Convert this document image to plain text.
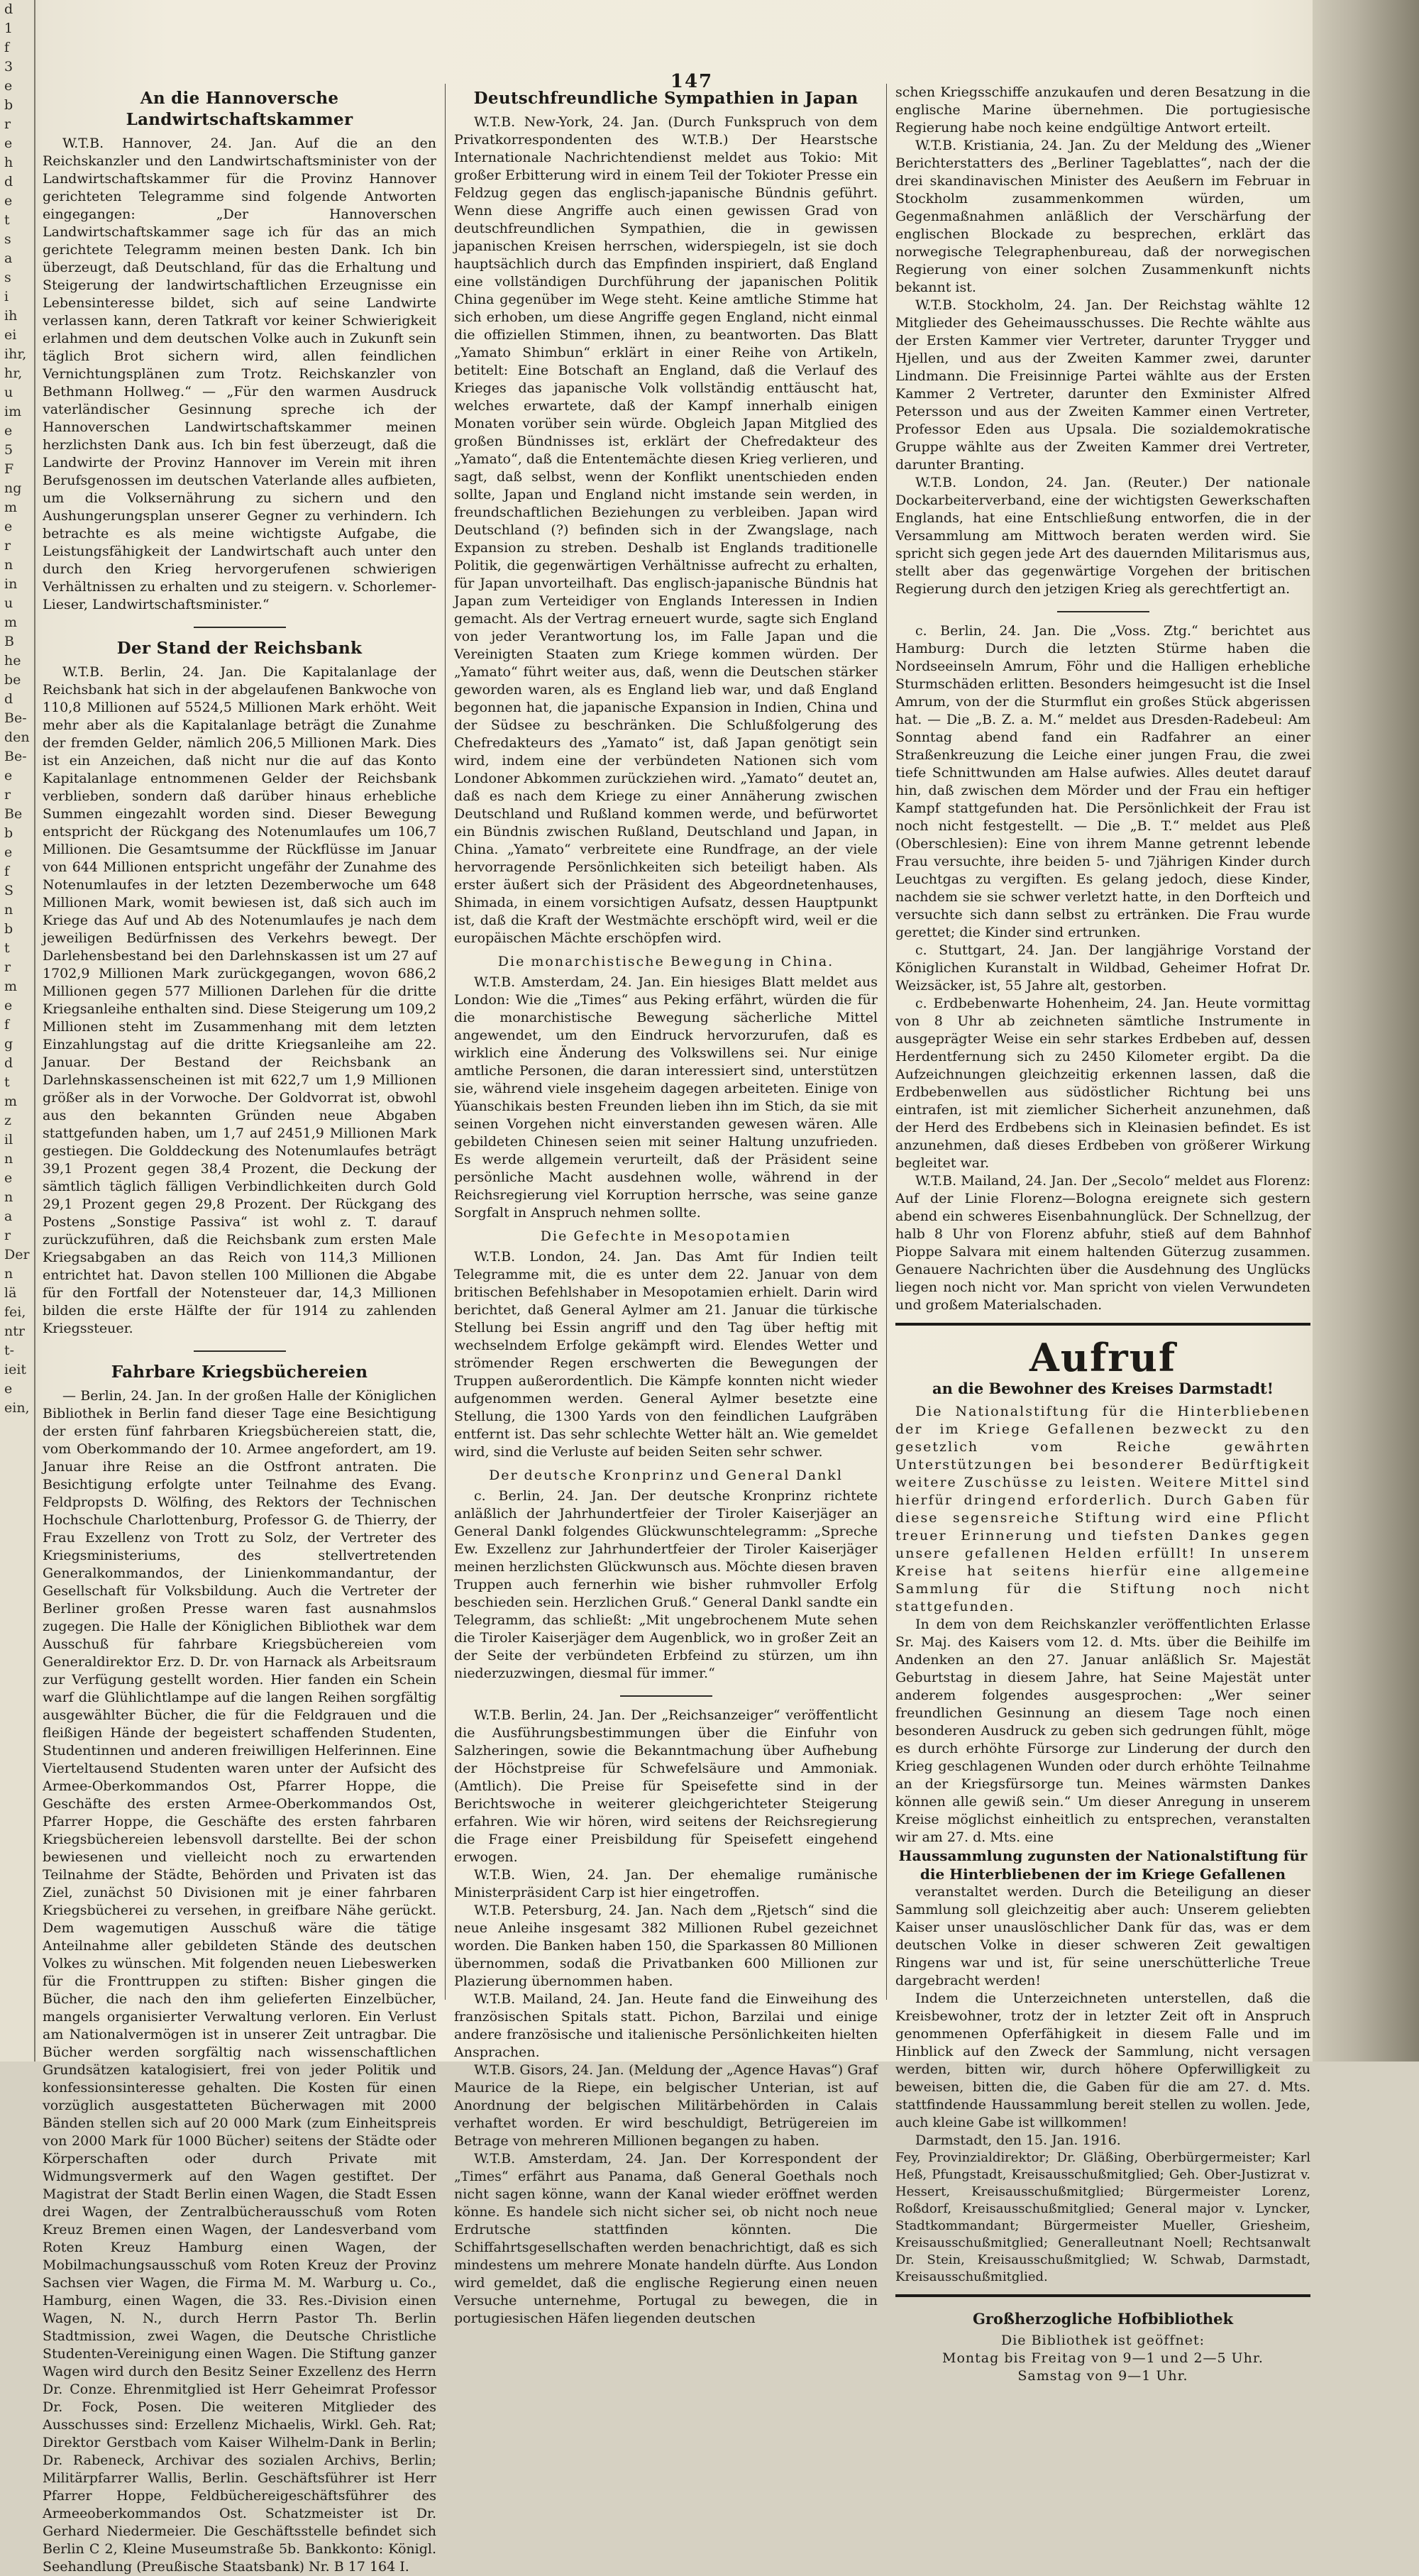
d
1
f
3
e
b
r
e
h
d
e
t
s
a
s
i
ih
ei
ihr,
hr,
u
im
e
5
F
ng
m
e
r
n
in
u
m
B
he
be
d
Be-
den
Be-
e
r
Be
b
e
f
S
n
b
t
r
m
e
f
g
d
t
m
z
il
n
e
n
a
r
Der
n
lä
fei,
ntr
t-
ieit
e
ein,
147
An die Hannoversche Landwirtschaftskammer

W.T.B. Hannover, 24. Jan. Auf die an den Reichskanzler und den Landwirtschaftsminister von der Landwirtschaftskammer für die Provinz Hannover gerichteten Telegramme sind folgende Antworten eingegangen: „Der Hannoverschen Landwirtschaftskammer sage ich für das an mich gerichtete Telegramm meinen besten Dank. Ich bin überzeugt, daß Deutschland, für das die Erhaltung und Steigerung der landwirtschaftlichen Erzeugnisse ein Lebensinteresse bildet, sich auf seine Landwirte verlassen kann, deren Tatkraft vor keiner Schwierigkeit erlahmen und dem deutschen Volke auch in Zukunft sein täglich Brot sichern wird, allen feindlichen Vernichtungsplänen zum Trotz. Reichskanzler von Bethmann Hollweg.“ — „Für den warmen Ausdruck vaterländischer Gesinnung spreche ich der Hannoverschen Landwirtschaftskammer meinen herzlichsten Dank aus. Ich bin fest überzeugt, daß die Landwirte der Provinz Hannover im Verein mit ihren Berufsgenossen im deutschen Vaterlande alles aufbieten, um die Volksernährung zu sichern und den Aushungerungsplan unserer Gegner zu verhindern. Ich betrachte es als meine wichtigste Aufgabe, die Leistungsfähigkeit der Landwirtschaft auch unter den durch den Krieg hervorgerufenen schwierigen Verhältnissen zu erhalten und zu steigern. v. Schorlemer-Lieser, Landwirtschaftsminister.“

Der Stand der Reichsbank

W.T.B. Berlin, 24. Jan. Die Kapitalanlage der Reichsbank hat sich in der abgelaufenen Bankwoche von 110,8 Millionen auf 5524,5 Millionen Mark erhöht. Weit mehr aber als die Kapitalanlage beträgt die Zunahme der fremden Gelder, nämlich 206,5 Millionen Mark. Dies ist ein Anzeichen, daß nicht nur die auf das Konto Kapitalanlage entnommenen Gelder der Reichsbank verblieben, sondern daß darüber hinaus erhebliche Summen eingezahlt worden sind. Dieser Bewegung entspricht der Rückgang des Notenumlaufes um 106,7 Millionen. Die Gesamtsumme der Rückflüsse im Januar von 644 Millionen entspricht ungefähr der Zunahme des Notenumlaufes in der letzten Dezemberwoche um 648 Millionen Mark, womit bewiesen ist, daß sich auch im Kriege das Auf und Ab des Notenumlaufes je nach dem jeweiligen Bedürfnissen des Verkehrs bewegt. Der Darlehensbestand bei den Darlehnskassen ist um 27 auf 1702,9 Millionen Mark zurückgegangen, wovon 686,2 Millionen gegen 577 Millionen Darlehen für die dritte Kriegsanleihe enthalten sind. Diese Steigerung um 109,2 Millionen steht im Zusammenhang mit dem letzten Einzahlungstag auf die dritte Kriegsanleihe am 22. Januar. Der Bestand der Reichsbank an Darlehnskassenscheinen ist mit 622,7 um 1,9 Millionen größer als in der Vorwoche. Der Goldvorrat ist, obwohl aus den bekannten Gründen neue Abgaben stattgefunden haben, um 1,7 auf 2451,9 Millionen Mark gestiegen. Die Golddeckung des Notenumlaufes beträgt 39,1 Prozent gegen 38,4 Prozent, die Deckung der sämtlich täglich fälligen Verbindlichkeiten durch Gold 29,1 Prozent gegen 29,8 Prozent. Der Rückgang des Postens „Sonstige Passiva“ ist wohl z. T. darauf zurückzuführen, daß die Reichsbank zum ersten Male Kriegsabgaben an das Reich von 114,3 Millionen entrichtet hat. Davon stellen 100 Millionen die Abgabe für den Fortfall der Notensteuer dar, 14,3 Millionen bilden die erste Hälfte der für 1914 zu zahlenden Kriegssteuer.

Fahrbare Kriegsbüchereien

— Berlin, 24. Jan. In der großen Halle der Königlichen Bibliothek in Berlin fand dieser Tage eine Besichtigung der ersten fünf fahrbaren Kriegsbüchereien statt, die, vom Oberkommando der 10. Armee angefordert, am 19. Januar ihre Reise an die Ostfront antraten. Die Besichtigung erfolgte unter Teilnahme des Evang. Feldpropsts D. Wölfing, des Rektors der Technischen Hochschule Charlottenburg, Professor G. de Thierry, der Frau Exzellenz von Trott zu Solz, der Vertreter des Kriegsministeriums, des stellvertretenden Generalkommandos, der Linienkommandantur, der Gesellschaft für Volksbildung. Auch die Vertreter der Berliner großen Presse waren fast ausnahmslos zugegen. Die Halle der Königlichen Bibliothek war dem Ausschuß für fahrbare Kriegsbüchereien vom Generaldirektor Erz. D. Dr. von Harnack als Arbeitsraum zur Verfügung gestellt worden. Hier fanden ein Schein warf die Glühlichtlampe auf die langen Reihen sorgfältig ausgewählter Bücher, die für die Feldgrauen und die fleißigen Hände der begeistert schaffenden Studenten, Studentinnen und anderen freiwilligen Helferinnen. Eine Vierteltausend Studenten waren unter der Aufsicht des Armee-Oberkommandos Ost, Pfarrer Hoppe, die Geschäfte des ersten Armee-Oberkommandos Ost, Pfarrer Hoppe, die Geschäfte des ersten fahrbaren Kriegsbüchereien lebensvoll darstellte. Bei der schon bewiesenen und vielleicht noch zu erwartenden Teilnahme der Städte, Behörden und Privaten ist das Ziel, zunächst 50 Divisionen mit je einer fahrbaren Kriegsbücherei zu versehen, in greifbare Nähe gerückt. Dem wagemutigen Ausschuß wäre die tätige Anteilnahme aller gebildeten Stände des deutschen Volkes zu wünschen. Mit folgenden neuen Liebeswerken für die Fronttruppen zu stiften: Bisher gingen die Bücher, die nach den ihm gelieferten Einzelbücher, mangels organisierter Verwaltung verloren. Ein Verlust am Nationalvermögen ist in unserer Zeit untragbar. Die Bücher werden sorgfältig nach wissenschaftlichen Grundsätzen katalogisiert, frei von jeder Politik und konfessionsinteresse gehalten. Die Kosten für einen vorzüglich ausgestatteten Bücherwagen mit 2000 Bänden stellen sich auf 20 000 Mark (zum Einheitspreis von 2000 Mark für 1000 Bücher) seitens der Städte oder Körperschaften oder durch Private mit Widmungsvermerk auf den Wagen gestiftet. Der Magistrat der Stadt Berlin einen Wagen, die Stadt Essen drei Wagen, der Zentralbücherausschuß vom Roten Kreuz Bremen einen Wagen, der Landesverband vom Roten Kreuz Hamburg einen Wagen, der Mobilmachungsausschuß vom Roten Kreuz der Provinz Sachsen vier Wagen, die Firma M. M. Warburg u. Co., Hamburg, einen Wagen, die 33. Res.-Division einen Wagen, N. N., durch Herrn Pastor Th. Berlin Stadtmission, zwei Wagen, die Deutsche Christliche Studenten-Vereinigung einen Wagen. Die Stiftung ganzer Wagen wird durch den Besitz Seiner Exzellenz des Herrn Dr. Conze. Ehrenmitglied ist Herr Geheimrat Professor Dr. Fock, Posen. Die weiteren Mitglieder des Ausschusses sind: Erzellenz Michaelis, Wirkl. Geh. Rat; Direktor Gerstbach vom Kaiser Wilhelm-Dank in Berlin; Dr. Rabeneck, Archivar des sozialen Archivs, Berlin; Militärpfarrer Wallis, Berlin. Geschäftsführer ist Herr Pfarrer Hoppe, Feldbüchereigeschäftsführer des Armeeoberkommandos Ost. Schatzmeister ist Dr. Gerhard Niedermeier. Die Geschäftsstelle befindet sich Berlin C 2, Kleine Museumstraße 5b. Bankkonto: Königl. Seehandlung (Preußische Staatsbank) Nr. B 17 164 I.

Deutschfreundliche Sympathien in Japan

W.T.B. New-York, 24. Jan. (Durch Funkspruch von dem Privatkorrespondenten des W.T.B.) Der Hearstsche Internationale Nachrichtendienst meldet aus Tokio: Mit großer Erbitterung wird in einem Teil der Tokioter Presse ein Feldzug gegen das englisch-japanische Bündnis geführt. Wenn diese Angriffe auch einen gewissen Grad von deutschfreundlichen Sympathien, die in gewissen japanischen Kreisen herrschen, widerspiegeln, ist sie doch hauptsächlich durch das Empfinden inspiriert, daß England eine vollständigen Durchführung der japanischen Politik China gegenüber im Wege steht. Keine amtliche Stimme hat sich erhoben, um diese Angriffe gegen England, nicht einmal die offiziellen Stimmen, ihnen, zu beantworten. Das Blatt „Yamato Shimbun“ erklärt in einer Reihe von Artikeln, betitelt: Eine Botschaft an England, daß die Verlauf des Krieges das japanische Volk vollständig enttäuscht hat, welches erwartete, daß der Kampf innerhalb einigen Monaten vorüber sein würde. Obgleich Japan Mitglied des großen Bündnisses ist, erklärt der Chefredakteur des „Yamato“, daß die Ententemächte diesen Krieg verlieren, und sagt, daß selbst, wenn der Konflikt unentschieden enden sollte, Japan und England nicht imstande sein werden, in freundschaftlichen Beziehungen zu verbleiben. Japan wird Deutschland (?) befinden sich in der Zwangslage, nach Expansion zu streben. Deshalb ist Englands traditionelle Politik, die gegenwärtigen Verhältnisse aufrecht zu erhalten, für Japan unvorteilhaft. Das englisch-japanische Bündnis hat Japan zum Verteidiger von Englands Interessen in Indien gemacht. Als der Vertrag erneuert wurde, sagte sich England von jeder Verantwortung los, im Falle Japan und die Vereinigten Staaten zum Kriege kommen würden. Der „Yamato“ führt weiter aus, daß, wenn die Deutschen stärker geworden waren, als es England lieb war, und daß England begonnen hat, die japanische Expansion in Indien, China und der Südsee zu beschränken. Die Schlußfolgerung des Chefredakteurs des „Yamato“ ist, daß Japan genötigt sein wird, indem eine der verbündeten Nationen sich vom Londoner Abkommen zurückziehen wird. „Yamato“ deutet an, daß es nach dem Kriege zu einer Annäherung zwischen Deutschland und Rußland kommen werde, und befürwortet ein Bündnis zwischen Rußland, Deutschland und Japan, in China. „Yamato“ verbreitete eine Rundfrage, an der viele hervorragende Persönlichkeiten sich beteiligt haben. Als erster äußert sich der Präsident des Abgeordnetenhauses, Shimada, in einem vorsichtigen Aufsatz, dessen Hauptpunkt ist, daß die Kraft der Westmächte erschöpft wird, weil er die europäischen Mächte erschöpfen wird.

Die monarchistische Bewegung in China.

W.T.B. Amsterdam, 24. Jan. Ein hiesiges Blatt meldet aus London: Wie die „Times“ aus Peking erfährt, würden die für die monarchistische Bewegung sächerliche Mittel angewendet, um den Eindruck hervorzurufen, daß es wirklich eine Änderung des Volkswillens sei. Nur einige amtliche Personen, die daran interessiert sind, unterstützen sie, während viele insgeheim dagegen arbeiteten. Einige von Yüanschikais besten Freunden lieben ihn im Stich, da sie mit seinen Vorgehen nicht einverstanden gewesen wären. Alle gebildeten Chinesen seien mit seiner Haltung unzufrieden. Es werde allgemein verurteilt, daß der Präsident seine persönliche Macht ausdehnen wolle, während in der Reichsregierung viel Korruption herrsche, was seine ganze Sorgfalt in Anspruch nehmen sollte.

Die Gefechte in Mesopotamien

W.T.B. London, 24. Jan. Das Amt für Indien teilt Telegramme mit, die es unter dem 22. Januar von dem britischen Befehlshaber in Mesopotamien erhielt. Darin wird berichtet, daß General Aylmer am 21. Januar die türkische Stellung bei Essin angriff und den Tag über heftig mit wechselndem Erfolge gekämpft wird. Elendes Wetter und strömender Regen erschwerten die Bewegungen der Truppen außerordentlich. Die Kämpfe konnten nicht wieder aufgenommen werden. General Aylmer besetzte eine Stellung, die 1300 Yards von den feindlichen Laufgräben entfernt ist. Das sehr schlechte Wetter hält an. Wie gemeldet wird, sind die Verluste auf beiden Seiten sehr schwer.

Der deutsche Kronprinz und General Dankl

c. Berlin, 24. Jan. Der deutsche Kronprinz richtete anläßlich der Jahrhundertfeier der Tiroler Kaiserjäger an General Dankl folgendes Glückwunschtelegramm: „Spreche Ew. Exzellenz zur Jahrhundertfeier der Tiroler Kaiserjäger meinen herzlichsten Glückwunsch aus. Möchte diesen braven Truppen auch fernerhin wie bisher ruhmvoller Erfolg beschieden sein. Herzlichen Gruß.“ General Dankl sandte ein Telegramm, das schließt: „Mit ungebrochenem Mute sehen die Tiroler Kaiserjäger dem Augenblick, wo in großer Zeit an der Seite der verbündeten Erbfeind zu stürzen, um ihn niederzuzwingen, diesmal für immer.“

W.T.B. Berlin, 24. Jan. Der „Reichsanzeiger“ veröffentlicht die Ausführungsbestimmungen über die Einfuhr von Salzheringen, sowie die Bekanntmachung über Aufhebung der Höchstpreise für Schwefelsäure und Ammoniak. (Amtlich). Die Preise für Speisefette sind in der Berichtswoche in weiterer gleichgerichteter Steigerung erfahren. Wie wir hören, wird seitens der Reichsregierung die Frage einer Preisbildung für Speisefett eingehend erwogen.

W.T.B. Wien, 24. Jan. Der ehemalige rumänische Ministerpräsident Carp ist hier eingetroffen.

W.T.B. Petersburg, 24. Jan. Nach dem „Rjetsch“ sind die neue Anleihe insgesamt 382 Millionen Rubel gezeichnet worden. Die Banken haben 150, die Sparkassen 80 Millionen übernommen, sodaß die Privatbanken 600 Millionen zur Plazierung übernommen haben.

W.T.B. Mailand, 24. Jan. Heute fand die Einweihung des französischen Spitals statt. Pichon, Barzilai und einige andere französische und italienische Persönlichkeiten hielten Ansprachen.

W.T.B. Gisors, 24. Jan. (Meldung der „Agence Havas“) Graf Maurice de la Riepe, ein belgischer Unterian, ist auf Anordnung der belgischen Militärbehörden in Calais verhaftet worden. Er wird beschuldigt, Betrügereien im Betrage von mehreren Millionen begangen zu haben.

W.T.B. Amsterdam, 24. Jan. Der Korrespondent der „Times“ erfährt aus Panama, daß General Goethals noch nicht sagen könne, wann der Kanal wieder eröffnet werden könne. Es handele sich nicht sicher sei, ob nicht noch neue Erdrutsche stattfinden könnten. Die Schiffahrtsgesellschaften werden benachrichtigt, daß es sich mindestens um mehrere Monate handeln dürfte. Aus London wird gemeldet, daß die englische Regierung einen neuen Versuche unternehme, Portugal zu bewegen, die in portugiesischen Häfen liegenden deutschen

schen Kriegsschiffe anzukaufen und deren Besatzung in die englische Marine übernehmen. Die portugiesische Regierung habe noch keine endgültige Antwort erteilt.

W.T.B. Kristiania, 24. Jan. Zu der Meldung des „Wiener Berichterstatters des „Berliner Tageblattes“, nach der die drei skandinavischen Minister des Aeußern im Februar in Stockholm zusammenkommen würden, um Gegenmaßnahmen anläßlich der Verschärfung der englischen Blockade zu besprechen, erklärt das norwegische Telegraphenbureau, daß der norwegischen Regierung von einer solchen Zusammenkunft nichts bekannt ist.

W.T.B. Stockholm, 24. Jan. Der Reichstag wählte 12 Mitglieder des Geheimausschusses. Die Rechte wählte aus der Ersten Kammer vier Vertreter, darunter Trygger und Hjellen, und aus der Zweiten Kammer zwei, darunter Lindmann. Die Freisinnige Partei wählte aus der Ersten Kammer 2 Vertreter, darunter den Exminister Alfred Petersson und aus der Zweiten Kammer einen Vertreter, Professor Eden aus Upsala. Die sozialdemokratische Gruppe wählte aus der Zweiten Kammer drei Vertreter, darunter Branting.

W.T.B. London, 24. Jan. (Reuter.) Der nationale Dockarbeiterverband, eine der wichtigsten Gewerkschaften Englands, hat eine Entschließung entworfen, die in der Versammlung am Mittwoch beraten werden wird. Sie spricht sich gegen jede Art des dauernden Militarismus aus, stellt aber das gegenwärtige Vorgehen der britischen Regierung durch den jetzigen Krieg als gerechtfertigt an.

c. Berlin, 24. Jan. Die „Voss. Ztg.“ berichtet aus Hamburg: Durch die letzten Stürme haben die Nordseeinseln Amrum, Föhr und die Halligen erhebliche Sturmschäden erlitten. Besonders heimgesucht ist die Insel Amrum, von der die Sturmflut ein großes Stück abgerissen hat. — Die „B. Z. a. M.“ meldet aus Dresden-Radebeul: Am Sonntag abend fand ein Radfahrer an einer Straßenkreuzung die Leiche einer jungen Frau, die zwei tiefe Schnittwunden am Halse aufwies. Alles deutet darauf hin, daß zwischen dem Mörder und der Frau ein heftiger Kampf stattgefunden hat. Die Persönlichkeit der Frau ist noch nicht festgestellt. — Die „B. T.“ meldet aus Pleß (Oberschlesien): Eine von ihrem Manne getrennt lebende Frau versuchte, ihre beiden 5- und 7jährigen Kinder durch Leuchtgas zu vergiften. Es gelang jedoch, diese Kinder, nachdem sie sie schwer verletzt hatte, in den Dorfteich und versuchte sich dann selbst zu ertränken. Die Frau wurde gerettet; die Kinder sind ertrunken.

c. Stuttgart, 24. Jan. Der langjährige Vorstand der Königlichen Kuranstalt in Wildbad, Geheimer Hofrat Dr. Weizsäcker, ist, 55 Jahre alt, gestorben.

c. Erdbebenwarte Hohenheim, 24. Jan. Heute vormittag von 8 Uhr ab zeichneten sämtliche Instrumente in ausgeprägter Weise ein sehr starkes Erdbeben auf, dessen Herdentfernung sich zu 2450 Kilometer ergibt. Da die Aufzeichnungen gleichzeitig erkennen lassen, daß die Erdbebenwellen aus südöstlicher Richtung bei uns eintrafen, ist mit ziemlicher Sicherheit anzunehmen, daß der Herd des Erdbebens sich in Kleinasien befindet. Es ist anzunehmen, daß dieses Erdbeben von größerer Wirkung begleitet war.

W.T.B. Mailand, 24. Jan. Der „Secolo“ meldet aus Florenz: Auf der Linie Florenz—Bologna ereignete sich gestern abend ein schweres Eisenbahnunglück. Der Schnellzug, der halb 8 Uhr von Florenz abfuhr, stieß auf dem Bahnhof Pioppe Salvara mit einem haltenden Güterzug zusammen. Genauere Nachrichten über die Ausdehnung des Unglücks liegen noch nicht vor. Man spricht von vielen Verwundeten und großem Materialschaden.

Aufruf
an die Bewohner des Kreises Darmstadt!

Die Nationalstiftung für die Hinterbliebenen der im Kriege Gefallenen bezweckt zu den gesetzlich vom Reiche gewährten Unterstützungen bei besonderer Bedürftigkeit weitere Zuschüsse zu leisten. Weitere Mittel sind hierfür dringend erforderlich. Durch Gaben für diese segensreiche Stiftung wird eine Pflicht treuer Erinnerung und tiefsten Dankes gegen unsere gefallenen Helden erfüllt! In unserem Kreise hat seitens hierfür eine allgemeine Sammlung für die Stiftung noch nicht stattgefunden.

In dem von dem Reichskanzler veröffentlichten Erlasse Sr. Maj. des Kaisers vom 12. d. Mts. über die Beihilfe im Andenken an den 27. Januar anläßlich Sr. Majestät Geburtstag in diesem Jahre, hat Seine Majestät unter anderem folgendes ausgesprochen: „Wer seiner freundlichen Gesinnung an diesem Tage noch einen besonderen Ausdruck zu geben sich gedrungen fühlt, möge es durch erhöhte Fürsorge zur Linderung der durch den Krieg geschlagenen Wunden oder durch erhöhte Teilnahme an der Kriegsfürsorge tun. Meines wärmsten Dankes können alle gewiß sein.“ Um dieser Anregung in unserem Kreise möglichst einheitlich zu entsprechen, veranstalten wir am 27. d. Mts. eine

Haussammlung zugunsten der Nationalstiftung für die Hinterbliebenen der im Kriege Gefallenen

veranstaltet werden. Durch die Beteiligung an dieser Sammlung soll gleichzeitig aber auch: Unserem geliebten Kaiser unser unauslöschlicher Dank für das, was er dem deutschen Volke in dieser schweren Zeit gewaltigen Ringens war und ist, für seine unerschütterliche Treue dargebracht werden!

Indem die Unterzeichneten unterstellen, daß die Kreisbewohner, trotz der in letzter Zeit oft in Anspruch genommenen Opferfähigkeit in diesem Falle und im Hinblick auf den Zweck der Sammlung, nicht versagen werden, bitten wir, durch höhere Opferwilligkeit zu beweisen, bitten die, die Gaben für die am 27. d. Mts. stattfindende Haussammlung bereit stellen zu wollen. Jede, auch kleine Gabe ist willkommen!

Darmstadt, den 15. Jan. 1916.

Fey, Provinzialdirektor; Dr. Gläßing, Oberbürgermeister; Karl Heß, Pfungstadt, Kreisausschußmitglied; Geh. Ober-Justizrat v. Hessert, Kreisausschußmitglied; Bürgermeister Lorenz, Roßdorf, Kreisausschußmitglied; General major v. Lyncker, Stadtkommandant; Bürgermeister Mueller, Griesheim, Kreisausschußmitglied; Generalleutnant Noell; Rechtsanwalt Dr. Stein, Kreisausschußmitglied; W. Schwab, Darmstadt, Kreisausschußmitglied.

Großherzogliche Hofbibliothek

Die Bibliothek ist geöffnet:

Montag bis Freitag von 9—1 und 2—5 Uhr.

Samstag von 9—1 Uhr.
